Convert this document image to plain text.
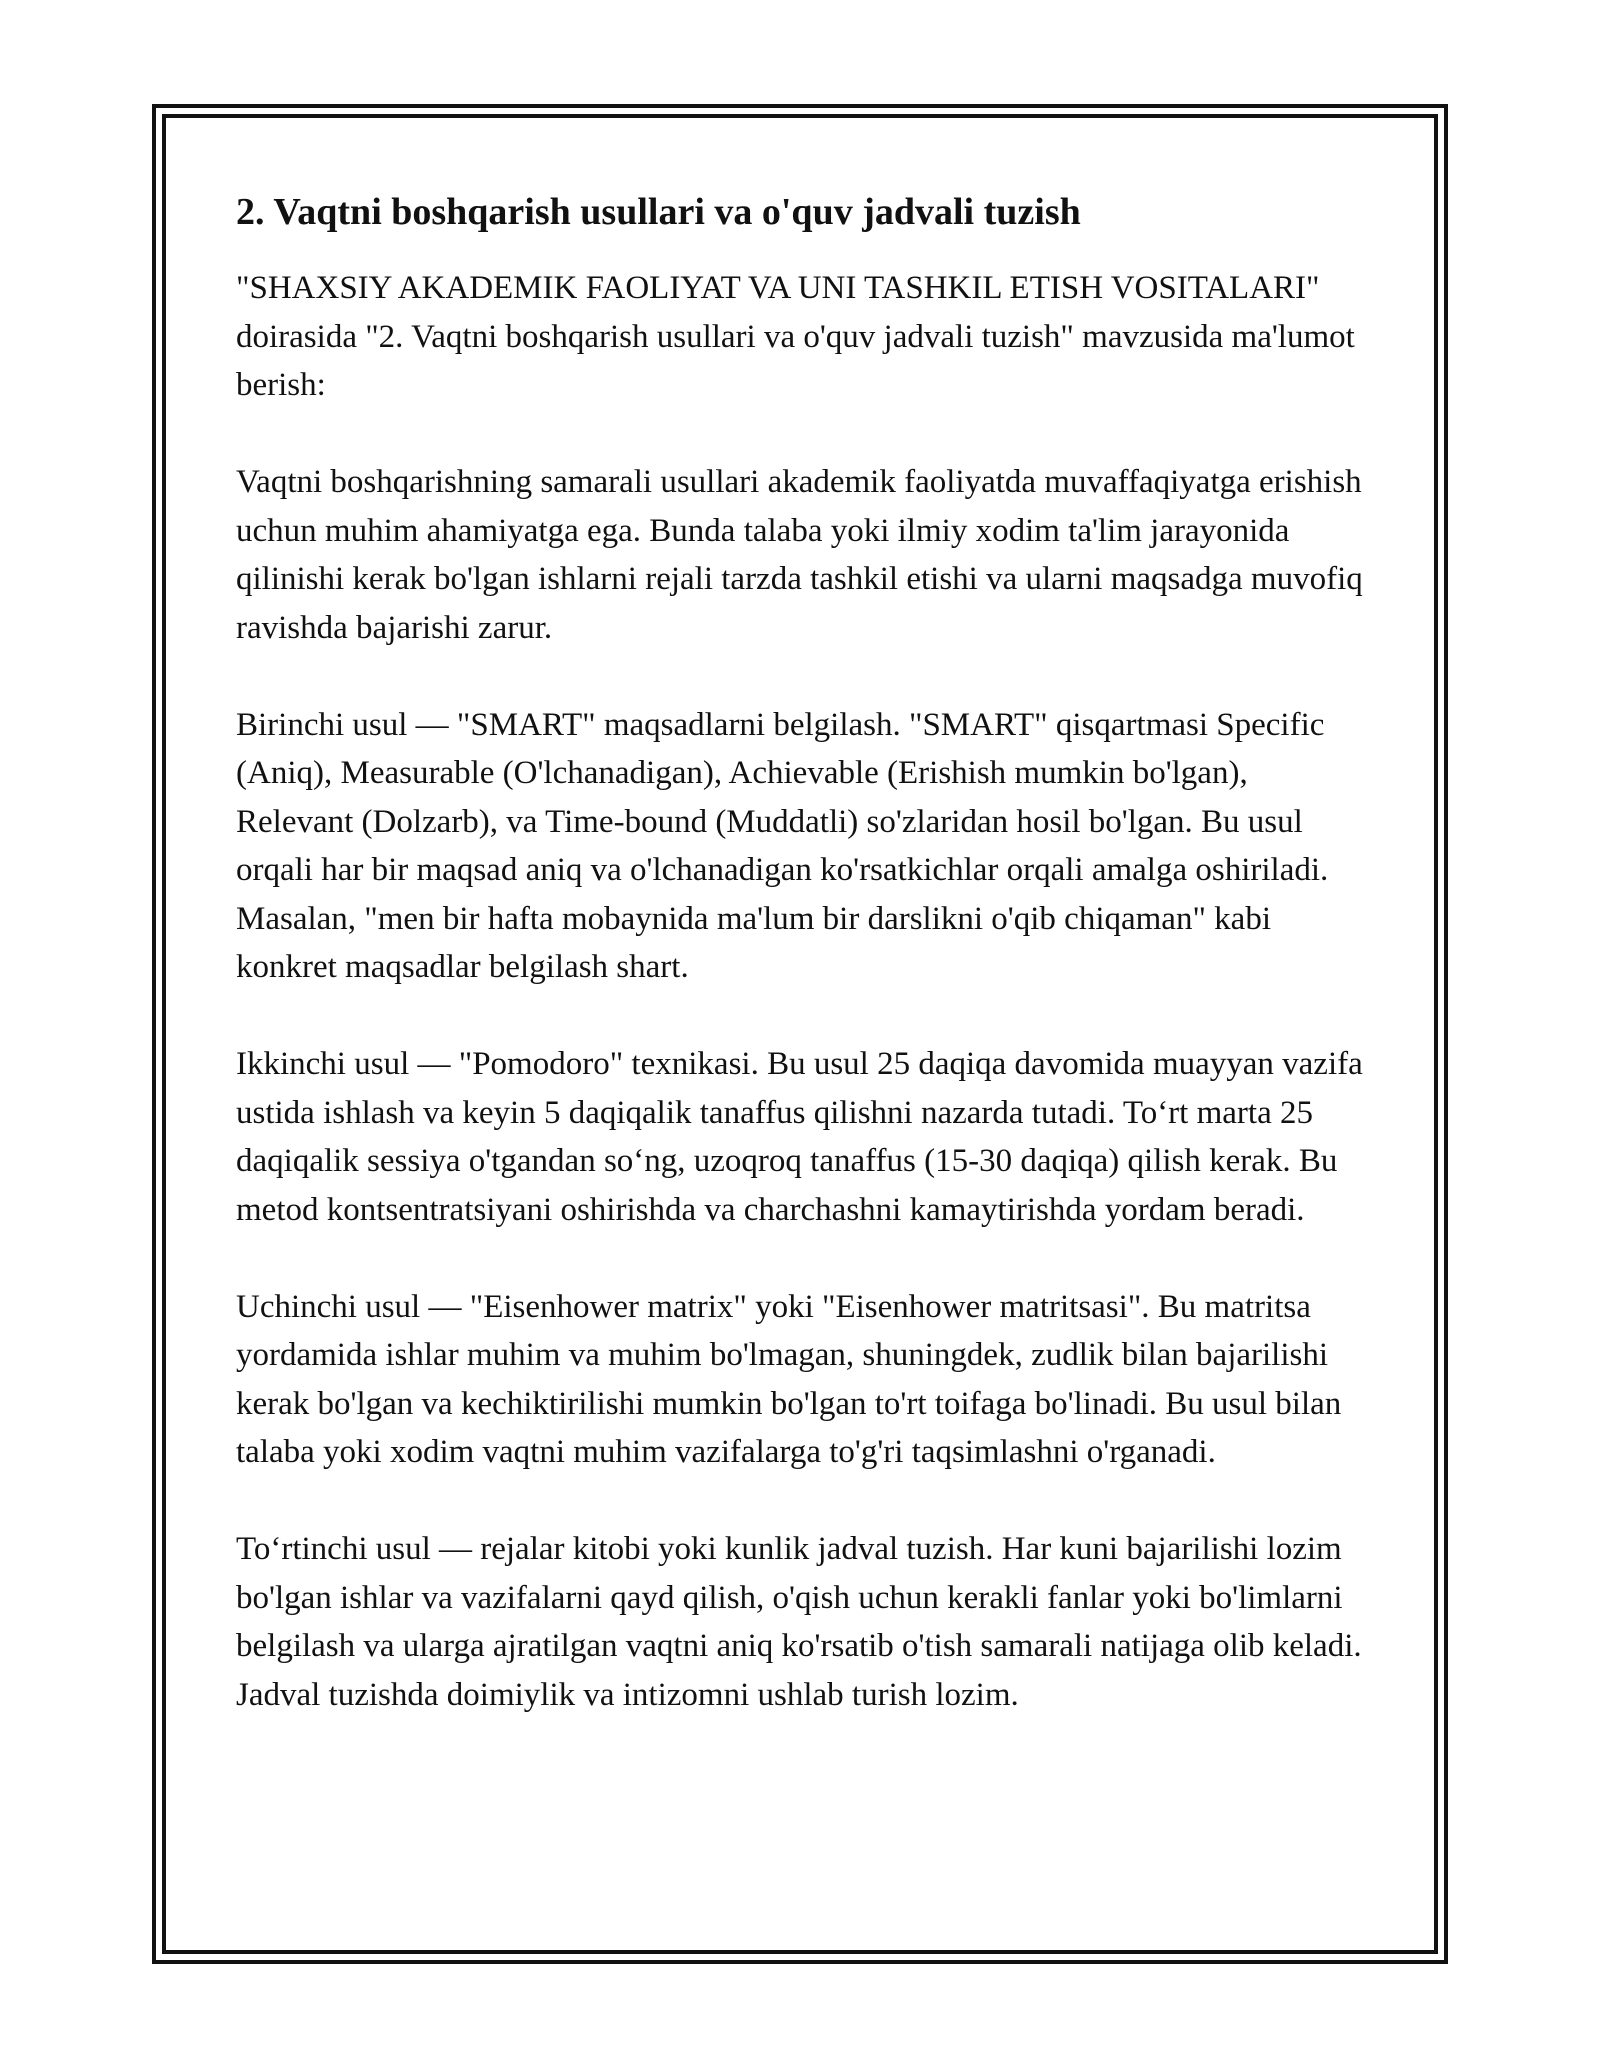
2. Vaqtni boshqarish usullari va o'quv jadvali tuzish

"SHAXSIY AKADEMIK FAOLIYAT VA UNI TASHKIL ETISH VOSITALARI" doirasida "2. Vaqtni boshqarish usullari va o'quv jadvali tuzish" mavzusida ma'lumot berish:

Vaqtni boshqarishning samarali usullari akademik faoliyatda muvaffaqiyatga erishish uchun muhim ahamiyatga ega. Bunda talaba yoki ilmiy xodim ta'lim jarayonida qilinishi kerak bo'lgan ishlarni rejali tarzda tashkil etishi va ularni maqsadga muvofiq ravishda bajarishi zarur.

Birinchi usul — "SMART" maqsadlarni belgilash. "SMART" qisqartmasi Specific (Aniq), Measurable (O'lchanadigan), Achievable (Erishish mumkin bo'lgan), Relevant (Dolzarb), va Time-bound (Muddatli) so'zlaridan hosil bo'lgan. Bu usul orqali har bir maqsad aniq va o'lchanadigan ko'rsatkichlar orqali amalga oshiriladi. Masalan, "men bir hafta mobaynida ma'lum bir darslikni o'qib chiqaman" kabi konkret maqsadlar belgilash shart.

Ikkinchi usul — "Pomodoro" texnikasi. Bu usul 25 daqiqa davomida muayyan vazifa ustida ishlash va keyin 5 daqiqalik tanaffus qilishni nazarda tutadi. To‘rt marta 25 daqiqalik sessiya o'tgandan so‘ng, uzoqroq tanaffus (15-30 daqiqa) qilish kerak. Bu metod kontsentratsiyani oshirishda va charchashni kamaytirishda yordam beradi.

Uchinchi usul — "Eisenhower matrix" yoki "Eisenhower matritsasi". Bu matritsa yordamida ishlar muhim va muhim bo'lmagan, shuningdek, zudlik bilan bajarilishi kerak bo'lgan va kechiktirilishi mumkin bo'lgan to'rt toifaga bo'linadi. Bu usul bilan talaba yoki xodim vaqtni muhim vazifalarga to'g'ri taqsimlashni o'rganadi.

To‘rtinchi usul — rejalar kitobi yoki kunlik jadval tuzish. Har kuni bajarilishi lozim bo'lgan ishlar va vazifalarni qayd qilish, o'qish uchun kerakli fanlar yoki bo'limlarni belgilash va ularga ajratilgan vaqtni aniq ko'rsatib o'tish samarali natijaga olib keladi. Jadval tuzishda doimiylik va intizomni ushlab turish lozim.
